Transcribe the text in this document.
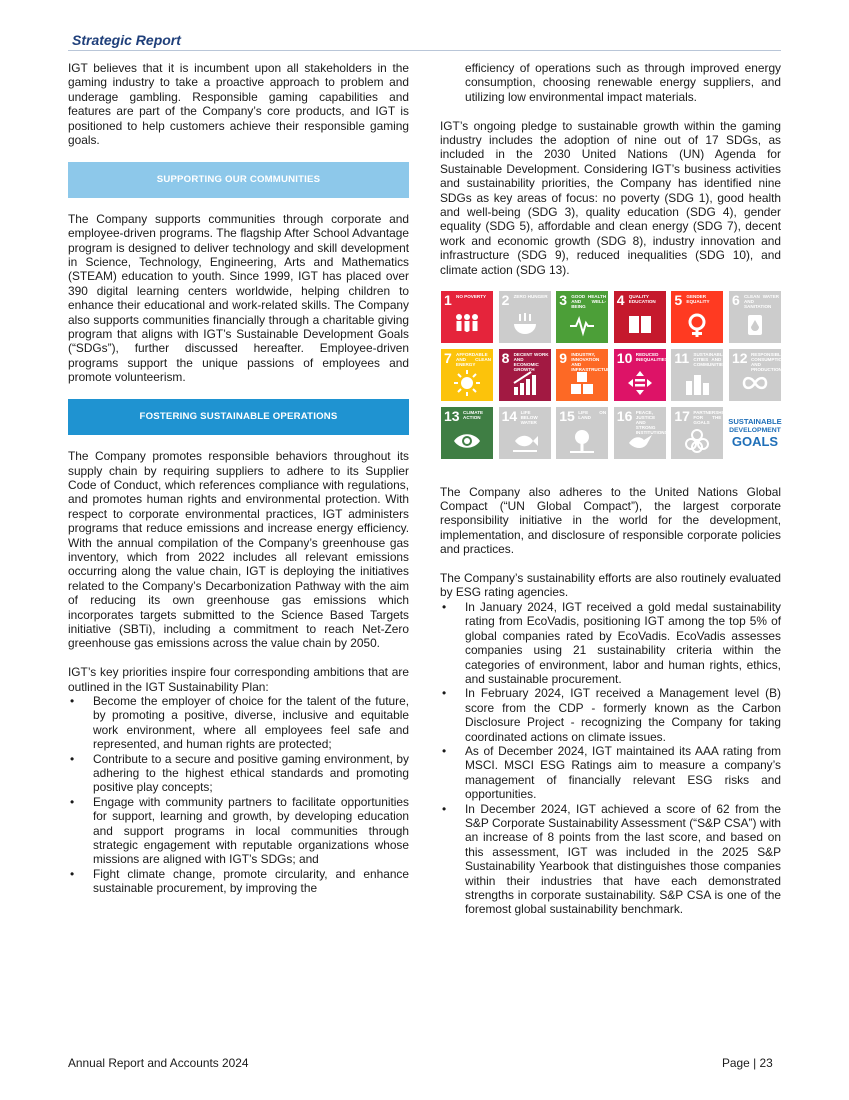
Strategic Report

IGT believes that it is incumbent upon all stakeholders in the gaming industry to take a proactive approach to problem and underage gambling. Responsible gaming capabilities and features are part of the Company’s core products, and IGT is positioned to help customers achieve their responsible gaming goals.

SUPPORTING OUR COMMUNITIES

The Company supports communities through corporate and employee-driven programs. The flagship After School Advantage program is designed to deliver technology and skill development in Science, Technology, Engineering, Arts and Mathematics (STEAM) education to youth. Since 1999, IGT has placed over 390 digital learning centers worldwide, helping children to enhance their educational and work-related skills. The Company also supports communities financially through a charitable giving program that aligns with IGT’s Sustainable Development Goals (“SDGs”), further discussed hereafter. Employee-driven programs support the unique passions of employees and promote volunteerism.

FOSTERING SUSTAINABLE OPERATIONS

The Company promotes responsible behaviors throughout its supply chain by requiring suppliers to adhere to its Supplier Code of Conduct, which references compliance with regulations, and promotes human rights and environmental protection. With respect to corporate environmental practices, IGT administers programs that reduce emissions and increase energy efficiency. With the annual compilation of the Company’s greenhouse gas inventory, which from 2022 includes all relevant emissions occurring along the value chain, IGT is deploying the initiatives related to the Company’s Decarbonization Pathway with the aim of reducing its own greenhouse gas emissions which incorporates targets submitted to the Science Based Targets initiative (SBTi), including a commitment to reach Net-Zero greenhouse gas emissions across the value chain by 2050.

IGT’s key priorities inspire four corresponding ambitions that are outlined in the IGT Sustainability Plan:

• Become the employer of choice for the talent of the future, by promoting a positive, diverse, inclusive and equitable work environment, where all employees feel safe and represented, and human rights are protected;
• Contribute to a secure and positive gaming environment, by adhering to the highest ethical standards and promoting positive play concepts;
• Engage with community partners to facilitate opportunities for support, learning and growth, by developing education and support programs in local communities through strategic engagement with reputable organizations whose missions are aligned with IGT’s SDGs; and
• Fight climate change, promote circularity, and enhance sustainable procurement, by improving the
efficiency of operations such as through improved energy consumption, choosing renewable energy suppliers, and utilizing low environmental impact materials.

IGT’s ongoing pledge to sustainable growth within the gaming industry includes the adoption of nine out of 17 SDGs, as included in the 2030 United Nations (UN) Agenda for Sustainable Development. Considering IGT’s business activities and sustainability priorities, the Company has identified nine SDGs as key areas of focus: no poverty (SDG 1), good health and well-being (SDG 3), quality education (SDG 4), gender equality (SDG 5), affordable and clean energy (SDG 7), decent work and economic growth (SDG 8), industry innovation and infrastructure (SDG 9), reduced inequalities (SDG 10), and climate action (SDG 13).

1 NO POVERTY	2 ZERO HUNGER 3 GOOD HEALTH AND WELL-BEING	4 QUALITY EDUCATION	5 GENDER EQUALITY	6 CLEAN WATER AND SANITATION
7 AFFORDABLE AND CLEAN ENERGY	8 DECENT WORK AND ECONOMIC GROWTH
9 INDUSTRY, INNOVATION AND INFRASTRUCTURE
10 REDUCED INEQUALITIES 11 SUSTAINABLE CITIES AND COMMUNITIES 12 RESPONSIBLE CONSUMPTION AND PRODUCTION
13 CLIMATE ACTION	14 LIFE BELOW WATER	15 LIFE ON LAND	16 PEACE, JUSTICE AND STRONG INSTITUTIONS
17 PARTNERSHIPS FOR THE GOALS	SUSTAINABLE
DEVELOPMENT
GOALS

The Company also adheres to the United Nations Global Compact (“UN Global Compact”), the largest corporate responsibility initiative in the world for the development, implementation, and disclosure of responsible corporate policies and practices.

The Company’s sustainability efforts are also routinely evaluated by ESG rating agencies.

• In January 2024, IGT received a gold medal sustainability rating from EcoVadis, positioning IGT among the top 5% of global companies rated by EcoVadis. EcoVadis assesses companies using 21 sustainability criteria within the categories of environment, labor and human rights, ethics, and sustainable procurement.
• In February 2024, IGT received a Management level (B) score from the CDP - formerly known as the Carbon Disclosure Project - recognizing the Company for taking coordinated actions on climate issues.
• As of December 2024, IGT maintained its AAA rating from MSCI. MSCI ESG Ratings aim to measure a company’s management of financially relevant ESG risks and opportunities.
• In December 2024, IGT achieved a score of 62 from the S&P Corporate Sustainability Assessment (“S&P CSA”) with an increase of 8 points from the last score, and based on this assessment, IGT was included in the 2025 S&P Sustainability Yearbook that distinguishes those companies within their industries that have each demonstrated strengths in corporate sustainability. S&P CSA is one of the foremost global sustainability benchmark.
Annual Report and Accounts 2024	Page | 23
